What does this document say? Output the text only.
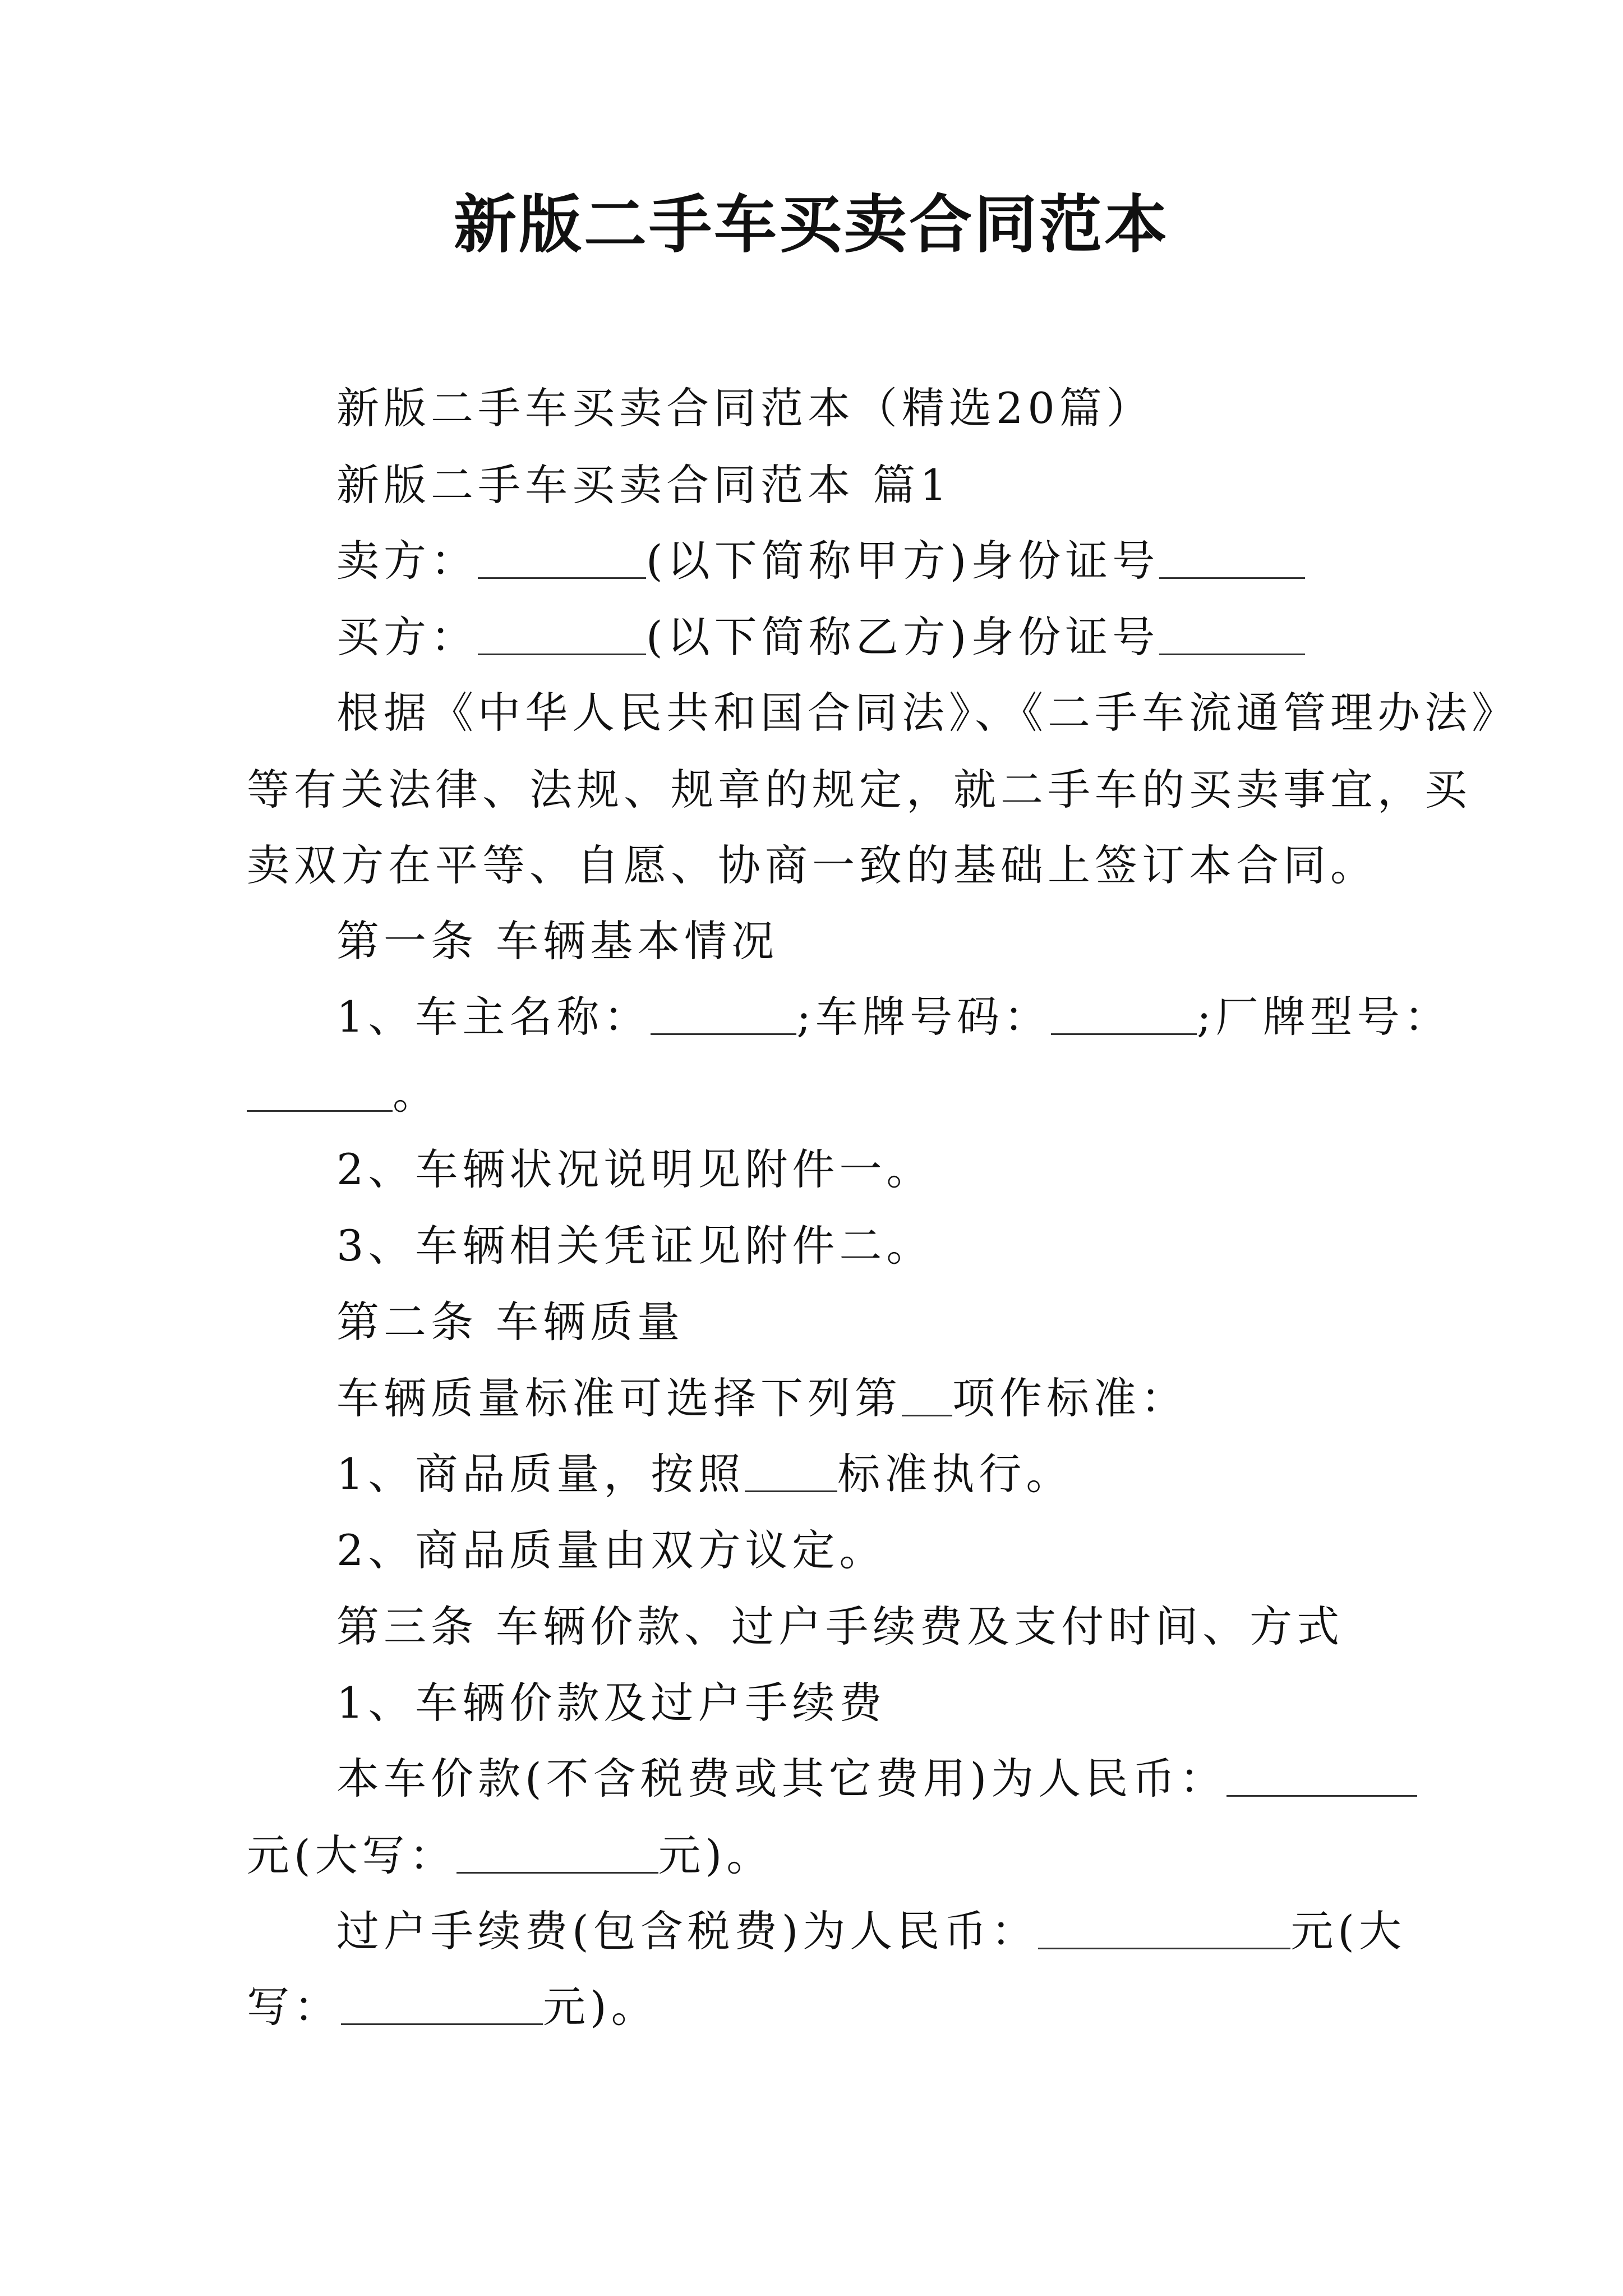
新版二手车买卖合同范本
新版二手车买卖合同范本（精选20篇）
新版二手车买卖合同范本 篇1
卖方：	(以下简称甲方)身份证号
买方：	(以下简称乙方)身份证号
根据《中华人民共和国合同法》、《二手车流通管理办法》
等有关法律、法规、规章的规定，就二手车的买卖事宜，买
卖双方在平等、自愿、协商一致的基础上签订本合同。
第一条 车辆基本情况
1、车主名称：	;车牌号码：	;厂牌型号：
。
2、车辆状况说明见附件一。
3、车辆相关凭证见附件二。
第二条 车辆质量
车辆质量标准可选择下列第 项作标准：
1、商品质量，按照 标准执行。
2、商品质量由双方议定。
第三条 车辆价款、过户手续费及支付时间、方式
1、车辆价款及过户手续费
本车价款(不含税费或其它费用)为人民币：
元(大写：	元)。
过户手续费(包含税费)为人民币：	元(大
写：	元)。
